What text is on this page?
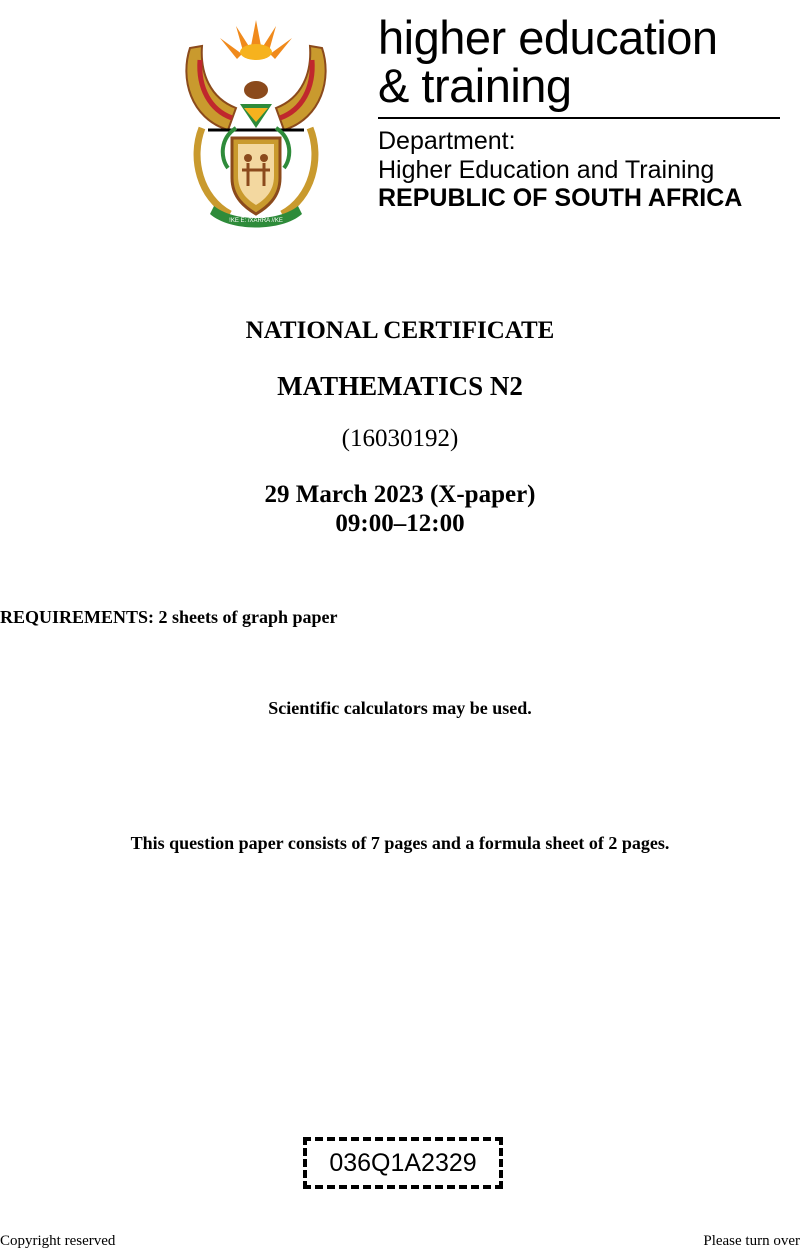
!KE E: /XARRA //KE
higher education
& training
Department:
Higher Education and Training
REPUBLIC OF SOUTH AFRICA
NATIONAL CERTIFICATE
MATHEMATICS N2
(16030192)
29 March 2023 (X-paper)
09:00–12:00
REQUIREMENTS: 2 sheets of graph paper
Scientific calculators may be used.
This question paper consists of 7 pages and a formula sheet of 2 pages.
036Q1A2329
Copyright reserved	Please turn over
